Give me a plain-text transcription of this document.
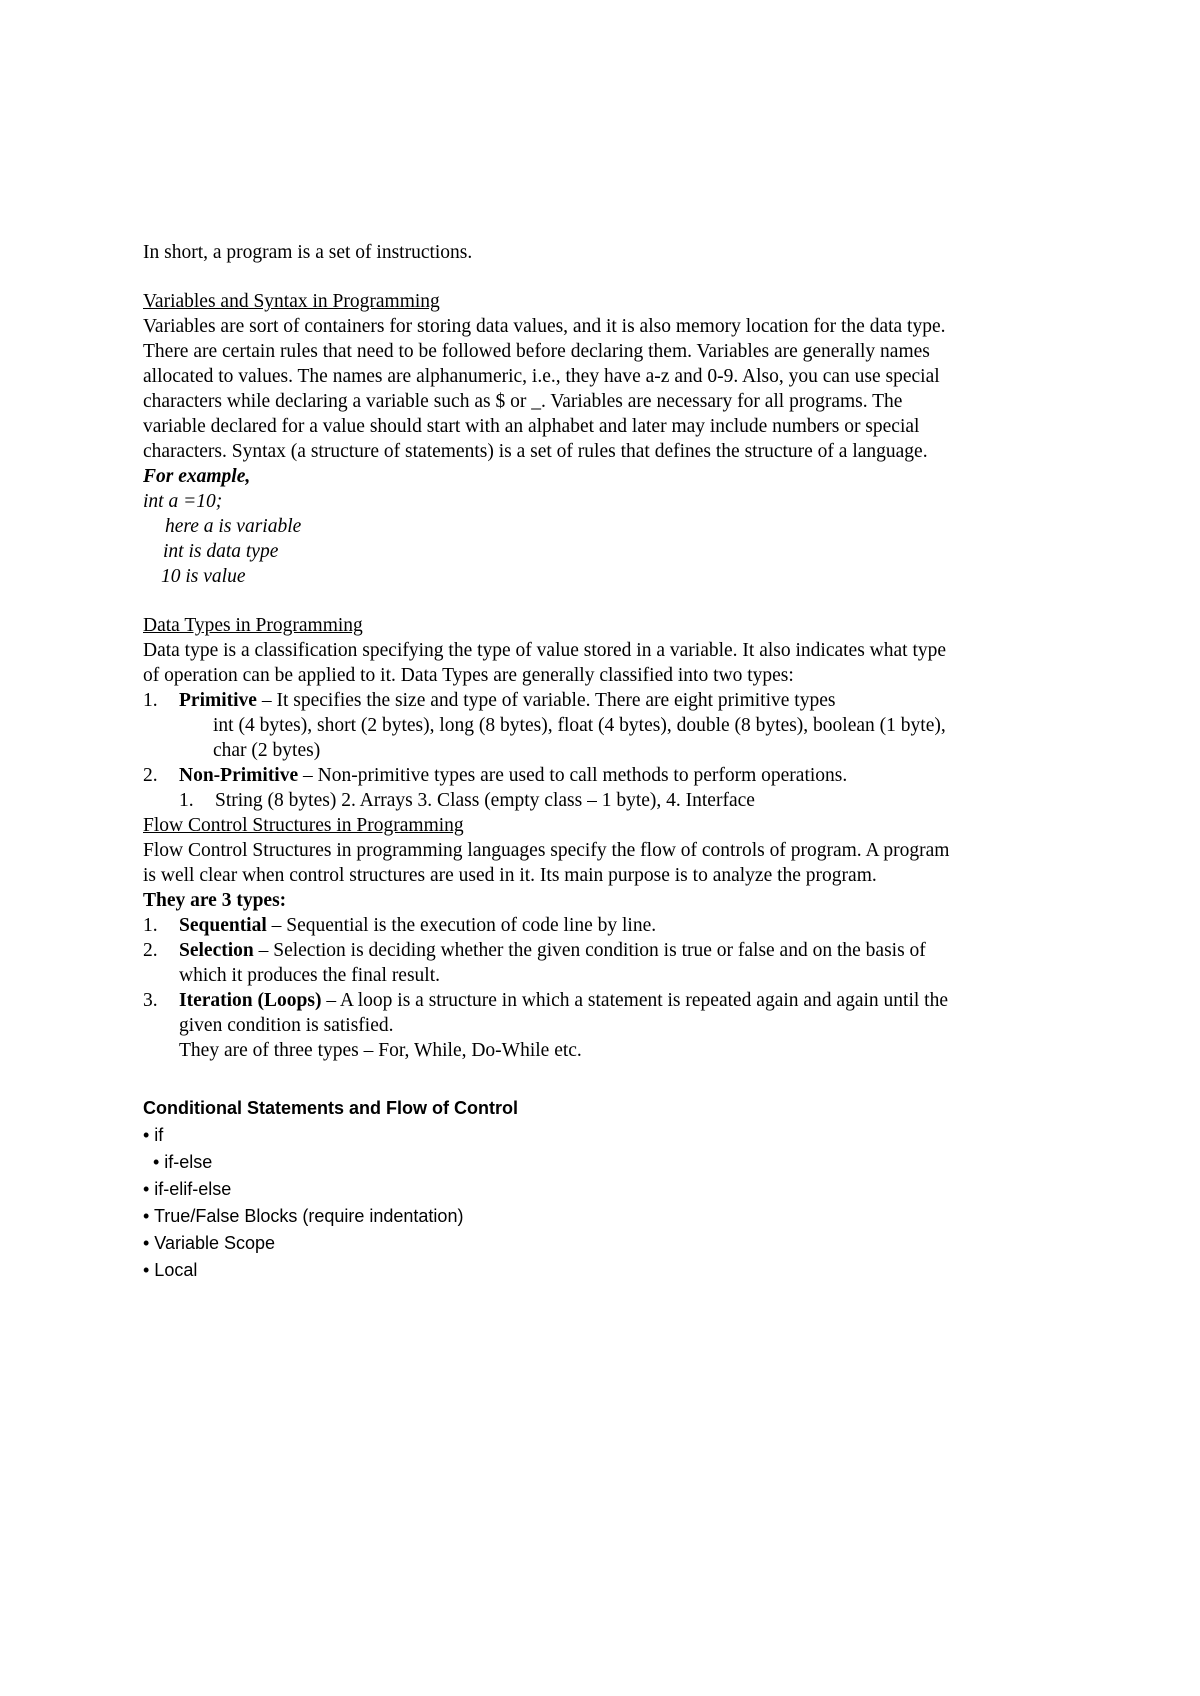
In short, a program is a set of instructions.

Variables and Syntax in Programming

Variables are sort of containers for storing data values, and it is also memory location for the data type.

There are certain rules that need to be followed before declaring them. Variables are generally names

allocated to values. The names are alphanumeric, i.e., they have a-z and 0-9. Also, you can use special

characters while declaring a variable such as $ or _. Variables are necessary for all programs. The

variable declared for a value should start with an alphabet and later may include numbers or special

characters. Syntax (a structure of statements) is a set of rules that defines the structure of a language.

For example,

int a =10;

here a is variable

int is data type

10 is value

Data Types in Programming

Data type is a classification specifying the type of value stored in a variable. It also indicates what type

of operation can be applied to it. Data Types are generally classified into two types:

1. Primitive – It specifies the size and type of variable. There are eight primitive types
int (4 bytes), short (2 bytes), long (8 bytes), float (4 bytes), double (8 bytes), boolean (1 byte),
char (2 bytes)
2. Non-Primitive – Non-primitive types are used to call methods to perform operations.
1. String (8 bytes) 2. Arrays 3. Class (empty class – 1 byte), 4. Interface

Flow Control Structures in Programming

Flow Control Structures in programming languages specify the flow of controls of program. A program

is well clear when control structures are used in it. Its main purpose is to analyze the program.

They are 3 types:

1. Sequential – Sequential is the execution of code line by line.
2. Selection – Selection is deciding whether the given condition is true or false and on the basis of
which it produces the final result.
3. Iteration (Loops) – A loop is a structure in which a statement is repeated again and again until the
given condition is satisfied.
They are of three types – For, While, Do-While etc.

Conditional Statements and Flow of Control

• if

• if-else

• if-elif-else

• True/False Blocks (require indentation)

• Variable Scope

• Local
